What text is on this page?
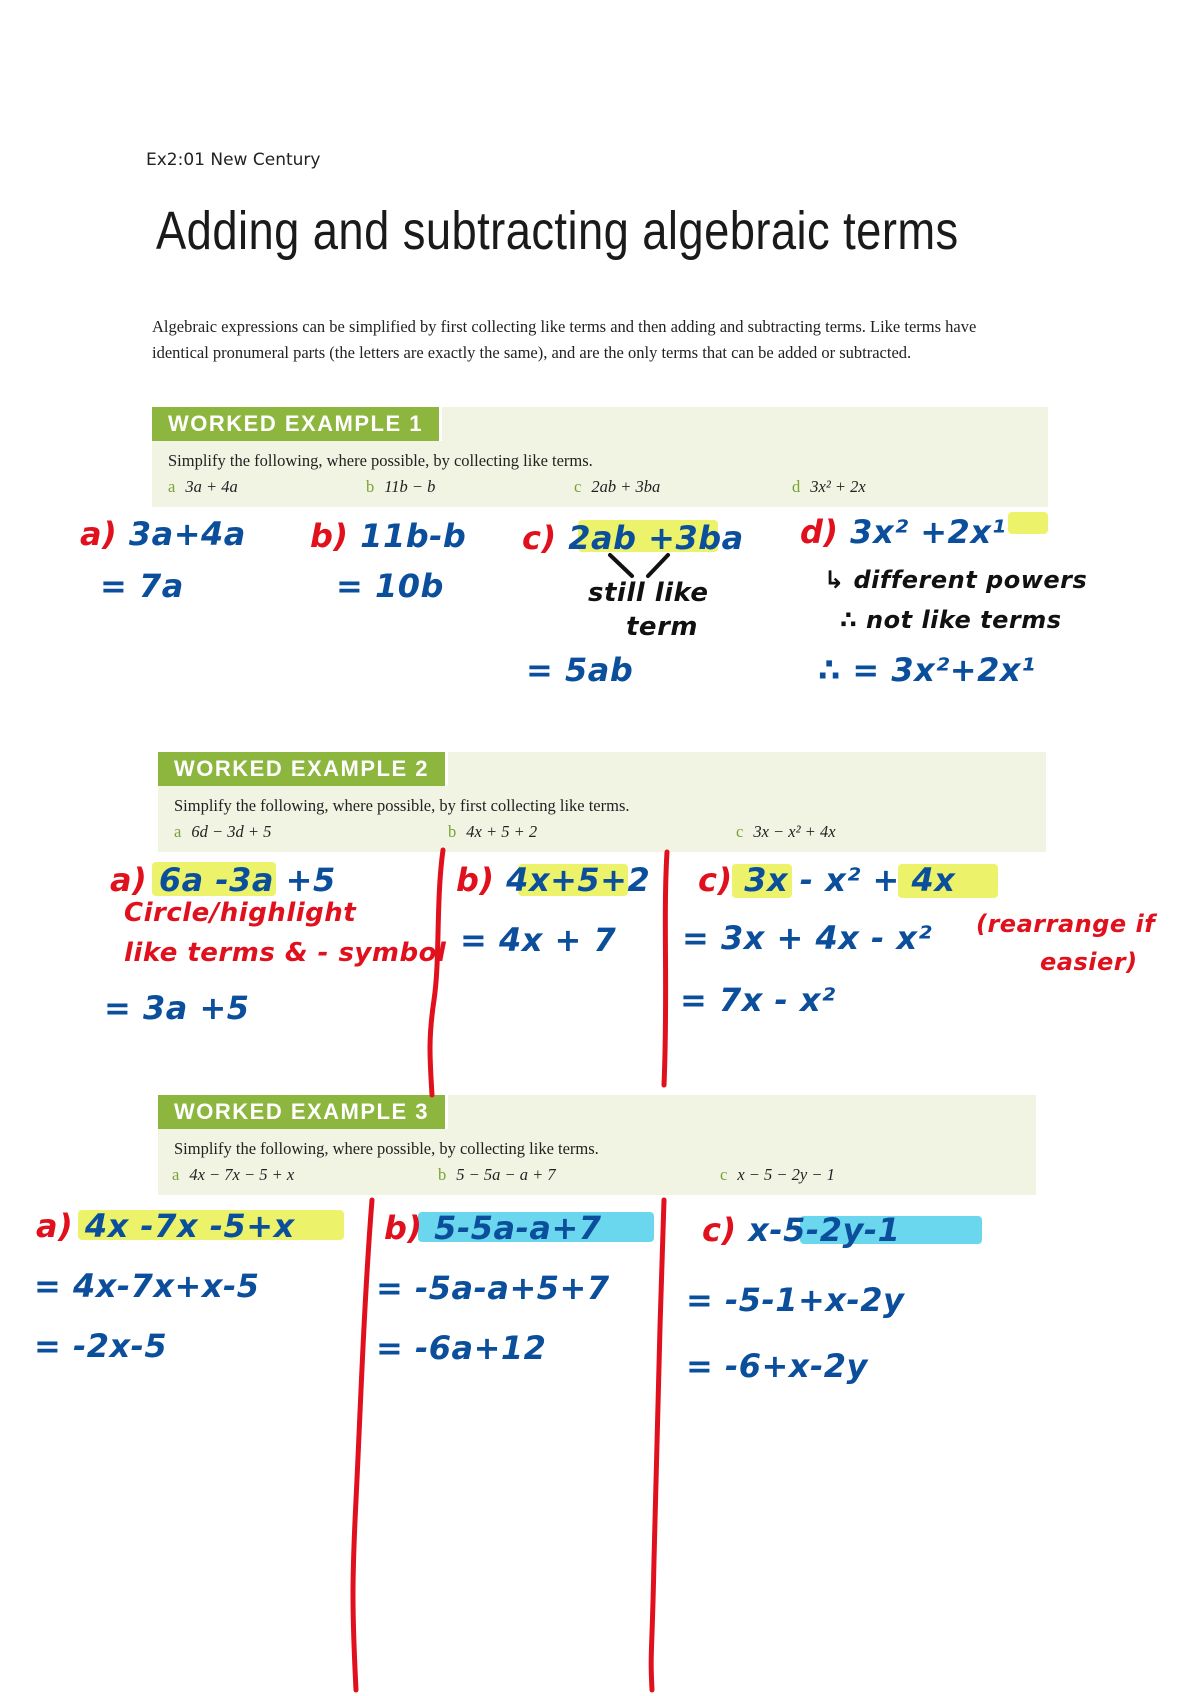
Ex2:01 New Century
Adding and subtracting algebraic terms
Algebraic expressions can be simplified by first collecting like terms and then adding and subtracting terms. Like terms have identical pronumeral parts (the letters are exactly the same), and are the only terms that can be added or subtracted.
WORKED EXAMPLE 1
Simplify the following, where possible, by collecting like terms.
a 3a + 4a	b 11b − b	c 2ab + 3ba	d 3x² + 2x
WORKED EXAMPLE 2
Simplify the following, where possible, by first collecting like terms.
a 6d − 3d + 5	b 4x + 5 + 2	c 3x − x² + 4x
WORKED EXAMPLE 3
Simplify the following, where possible, by collecting like terms.
a 4x − 7x − 5 + x	b 5 − 5a − a + 7	c x − 5 − 2y − 1
a) 3a+4a
= 7a
b) 11b-b
= 10b
c) 2ab +3ba
still like
term
= 5ab
d) 3x² +2x¹
↳ different powers
∴ not like terms
∴ = 3x²+2x¹
a) 6a -3a +5
Circle/highlight
like terms & - symbol
= 3a +5
b) 4x+5+2
= 4x + 7
c) 3x - x² + 4x
= 3x + 4x - x² (rearrange if
easier)
= 7x - x²
a) 4x -7x -5+x
= 4x-7x+x-5
= -2x-5
b) 5-5a-a+7
= -5a-a+5+7
= -6a+12
c) x-5-2y-1
= -5-1+x-2y
= -6+x-2y
